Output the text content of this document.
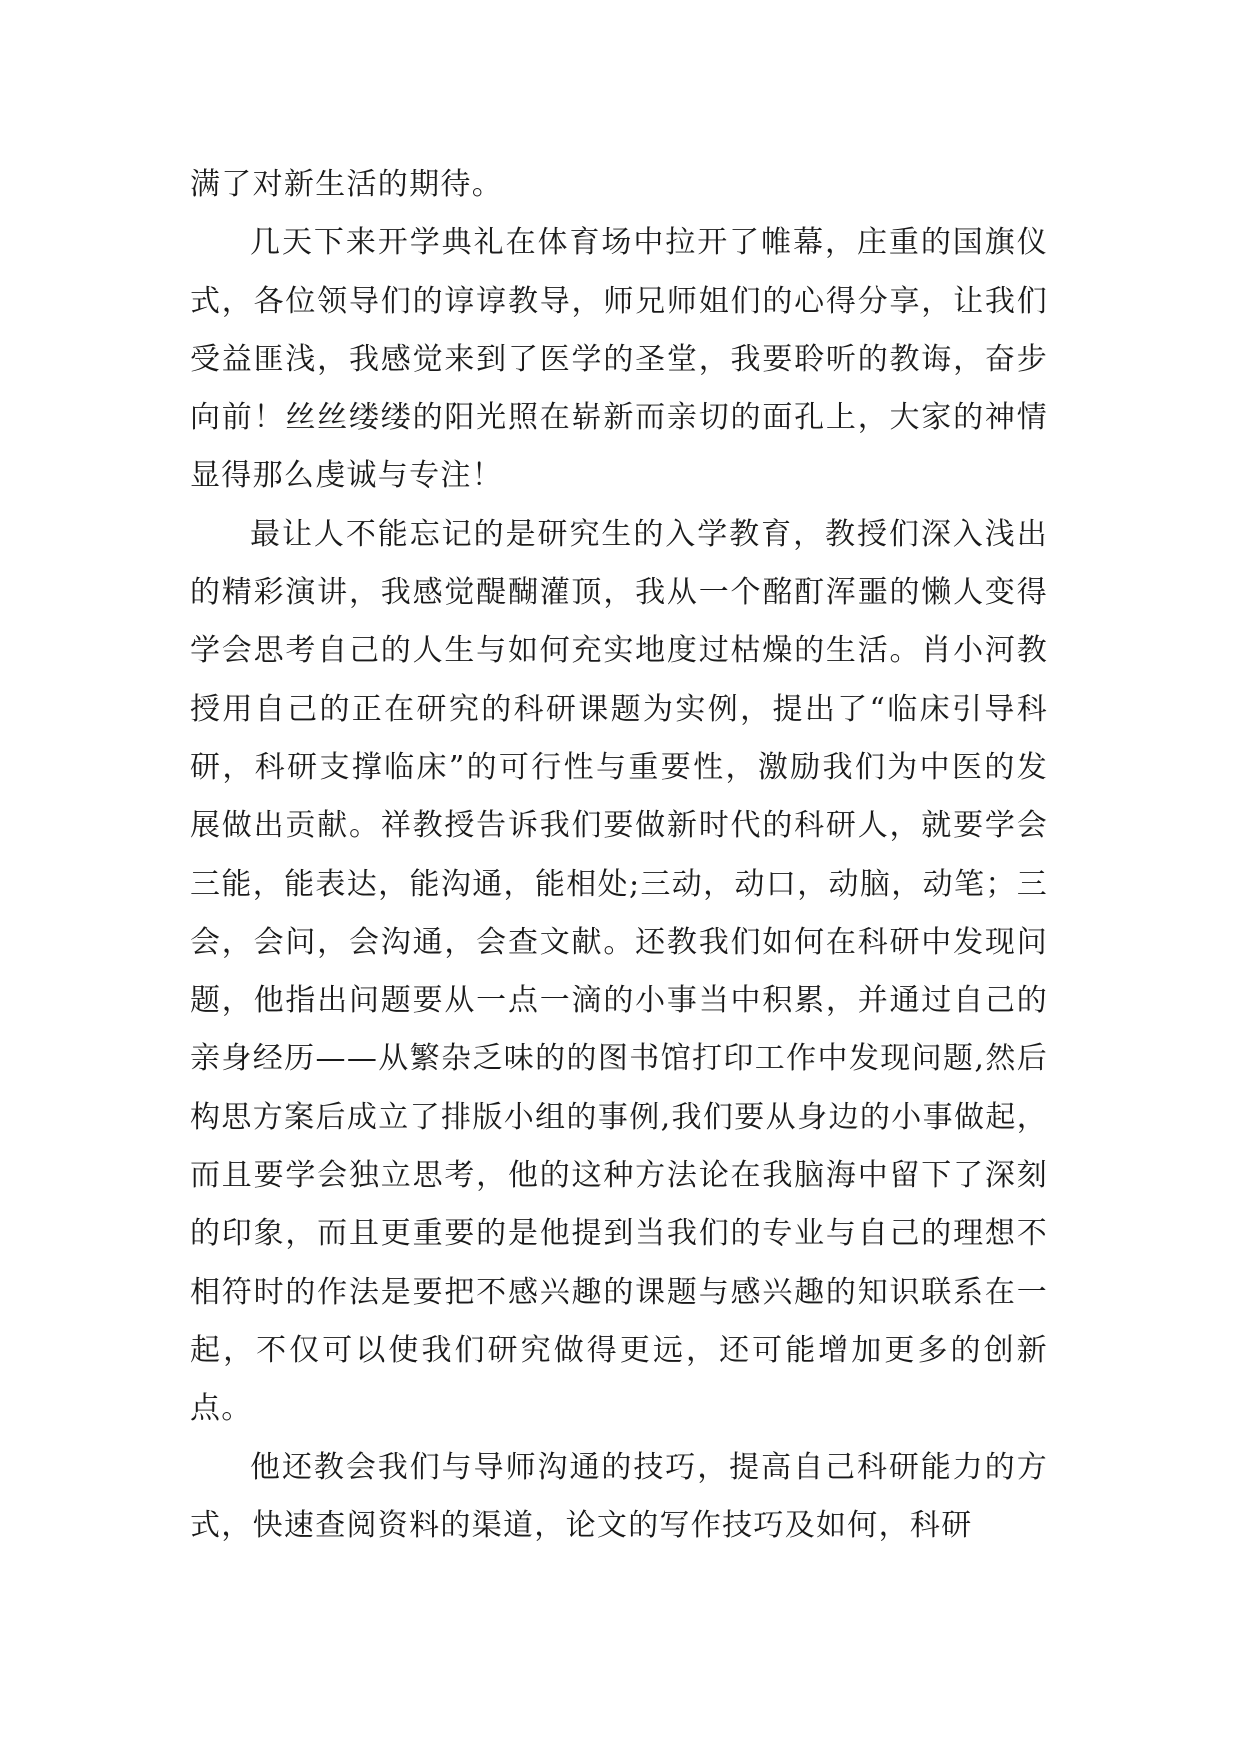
满了对新生活的期待。

几天下来开学典礼在体育场中拉开了帷幕，庄重的国旗仪式，各位领导们的谆谆教导，师兄师姐们的心得分享，让我们受益匪浅，我感觉来到了医学的圣堂，我要聆听的教诲，奋步向前！丝丝缕缕的阳光照在崭新而亲切的面孔上，大家的神情显得那么虔诚与专注！

最让人不能忘记的是研究生的入学教育，教授们深入浅出的精彩演讲，我感觉醍醐灌顶，我从一个酩酊浑噩的懒人变得学会思考自己的人生与如何充实地度过枯燥的生活。肖小河教授用自己的正在研究的科研课题为实例，提出了“临床引导科研，科研支撑临床”的可行性与重要性，激励我们为中医的发展做出贡献。祥教授告诉我们要做新时代的科研人，就要学会三能，能表达，能沟通，能相处;三动，动口，动脑，动笔；三会，会问，会沟通，会查文献。还教我们如何在科研中发现问题，他指出问题要从一点一滴的小事当中积累，并通过自己的亲身经历——从繁杂乏味的的图书馆打印工作中发现问题,然后构思方案后成立了排版小组的事例,我们要从身边的小事做起，而且要学会独立思考，他的这种方法论在我脑海中留下了深刻的印象，而且更重要的是他提到当我们的专业与自己的理想不相符时的作法是要把不感兴趣的课题与感兴趣的知识联系在一起，不仅可以使我们研究做得更远，还可能增加更多的创新点。

他还教会我们与导师沟通的技巧，提高自己科研能力的方式，快速查阅资料的渠道，论文的写作技巧及如何，科研
